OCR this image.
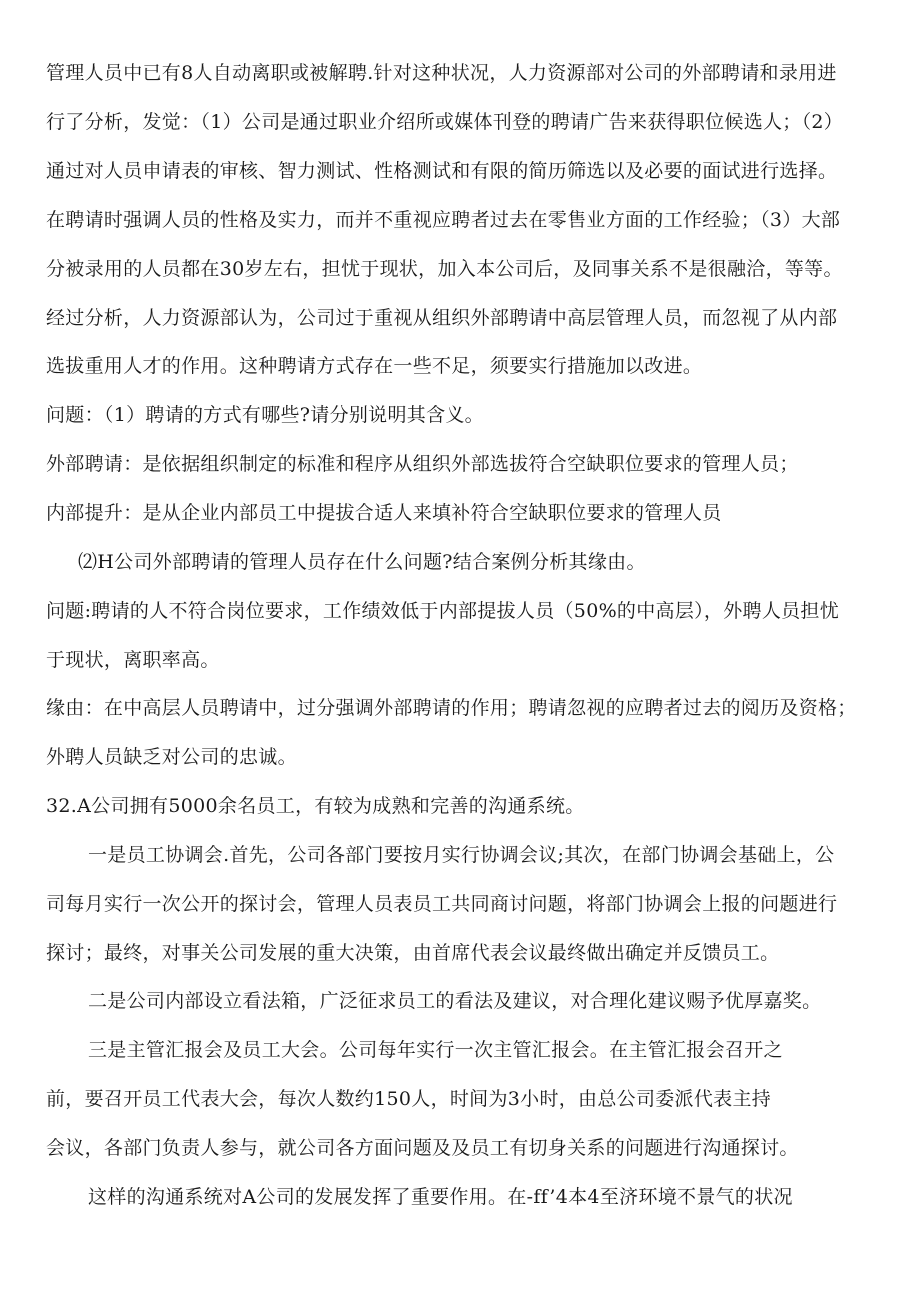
管理人员中已有8人自动离职或被解聘.针对这种状况，人力资源部对公司的外部聘请和录用进
行了分析，发觉：（1）公司是通过职业介绍所或媒体刊登的聘请广告来获得职位候选人；（2）
通过对人员申请表的审核、智力测试、性格测试和有限的简历筛选以及必要的面试进行选择。
在聘请时强调人员的性格及实力，而并不重视应聘者过去在零售业方面的工作经验；（3）大部
分被录用的人员都在30岁左右，担忧于现状，加入本公司后，及同事关系不是很融洽，等等。
经过分析，人力资源部认为，公司过于重视从组织外部聘请中高层管理人员，而忽视了从内部
选拔重用人才的作用。这种聘请方式存在一些不足，须要实行措施加以改进。
问题：（1）聘请的方式有哪些?请分别说明其含义。
外部聘请：是依据组织制定的标准和程序从组织外部选拔符合空缺职位要求的管理人员；
内部提升：是从企业内部员工中提拔合适人来填补符合空缺职位要求的管理人员
⑵H公司外部聘请的管理人员存在什么问题?结合案例分析其缘由。
问题:聘请的人不符合岗位要求，工作绩效低于内部提拔人员（50%的中高层），外聘人员担忧
于现状，离职率高。
缘由：在中高层人员聘请中，过分强调外部聘请的作用；聘请忽视的应聘者过去的阅历及资格；
外聘人员缺乏对公司的忠诚。
32.A公司拥有5000余名员工，有较为成熟和完善的沟通系统。
一是员工协调会.首先，公司各部门要按月实行协调会议;其次，在部门协调会基础上，公
司每月实行一次公开的探讨会，管理人员表员工共同商讨问题，将部门协调会上报的问题进行
探讨；最终，对事关公司发展的重大决策，由首席代表会议最终做出确定并反馈员工。
二是公司内部设立看法箱，广泛征求员工的看法及建议，对合理化建议赐予优厚嘉奖。
三是主管汇报会及员工大会。公司每年实行一次主管汇报会。在主管汇报会召开之
前，要召开员工代表大会，每次人数约150人，时间为3小时，由总公司委派代表主持
会议，各部门负责人参与，就公司各方面问题及及员工有切身关系的问题进行沟通探讨。
这样的沟通系统对A公司的发展发挥了重要作用。在-ff’4本4至济环境不景气的状况
